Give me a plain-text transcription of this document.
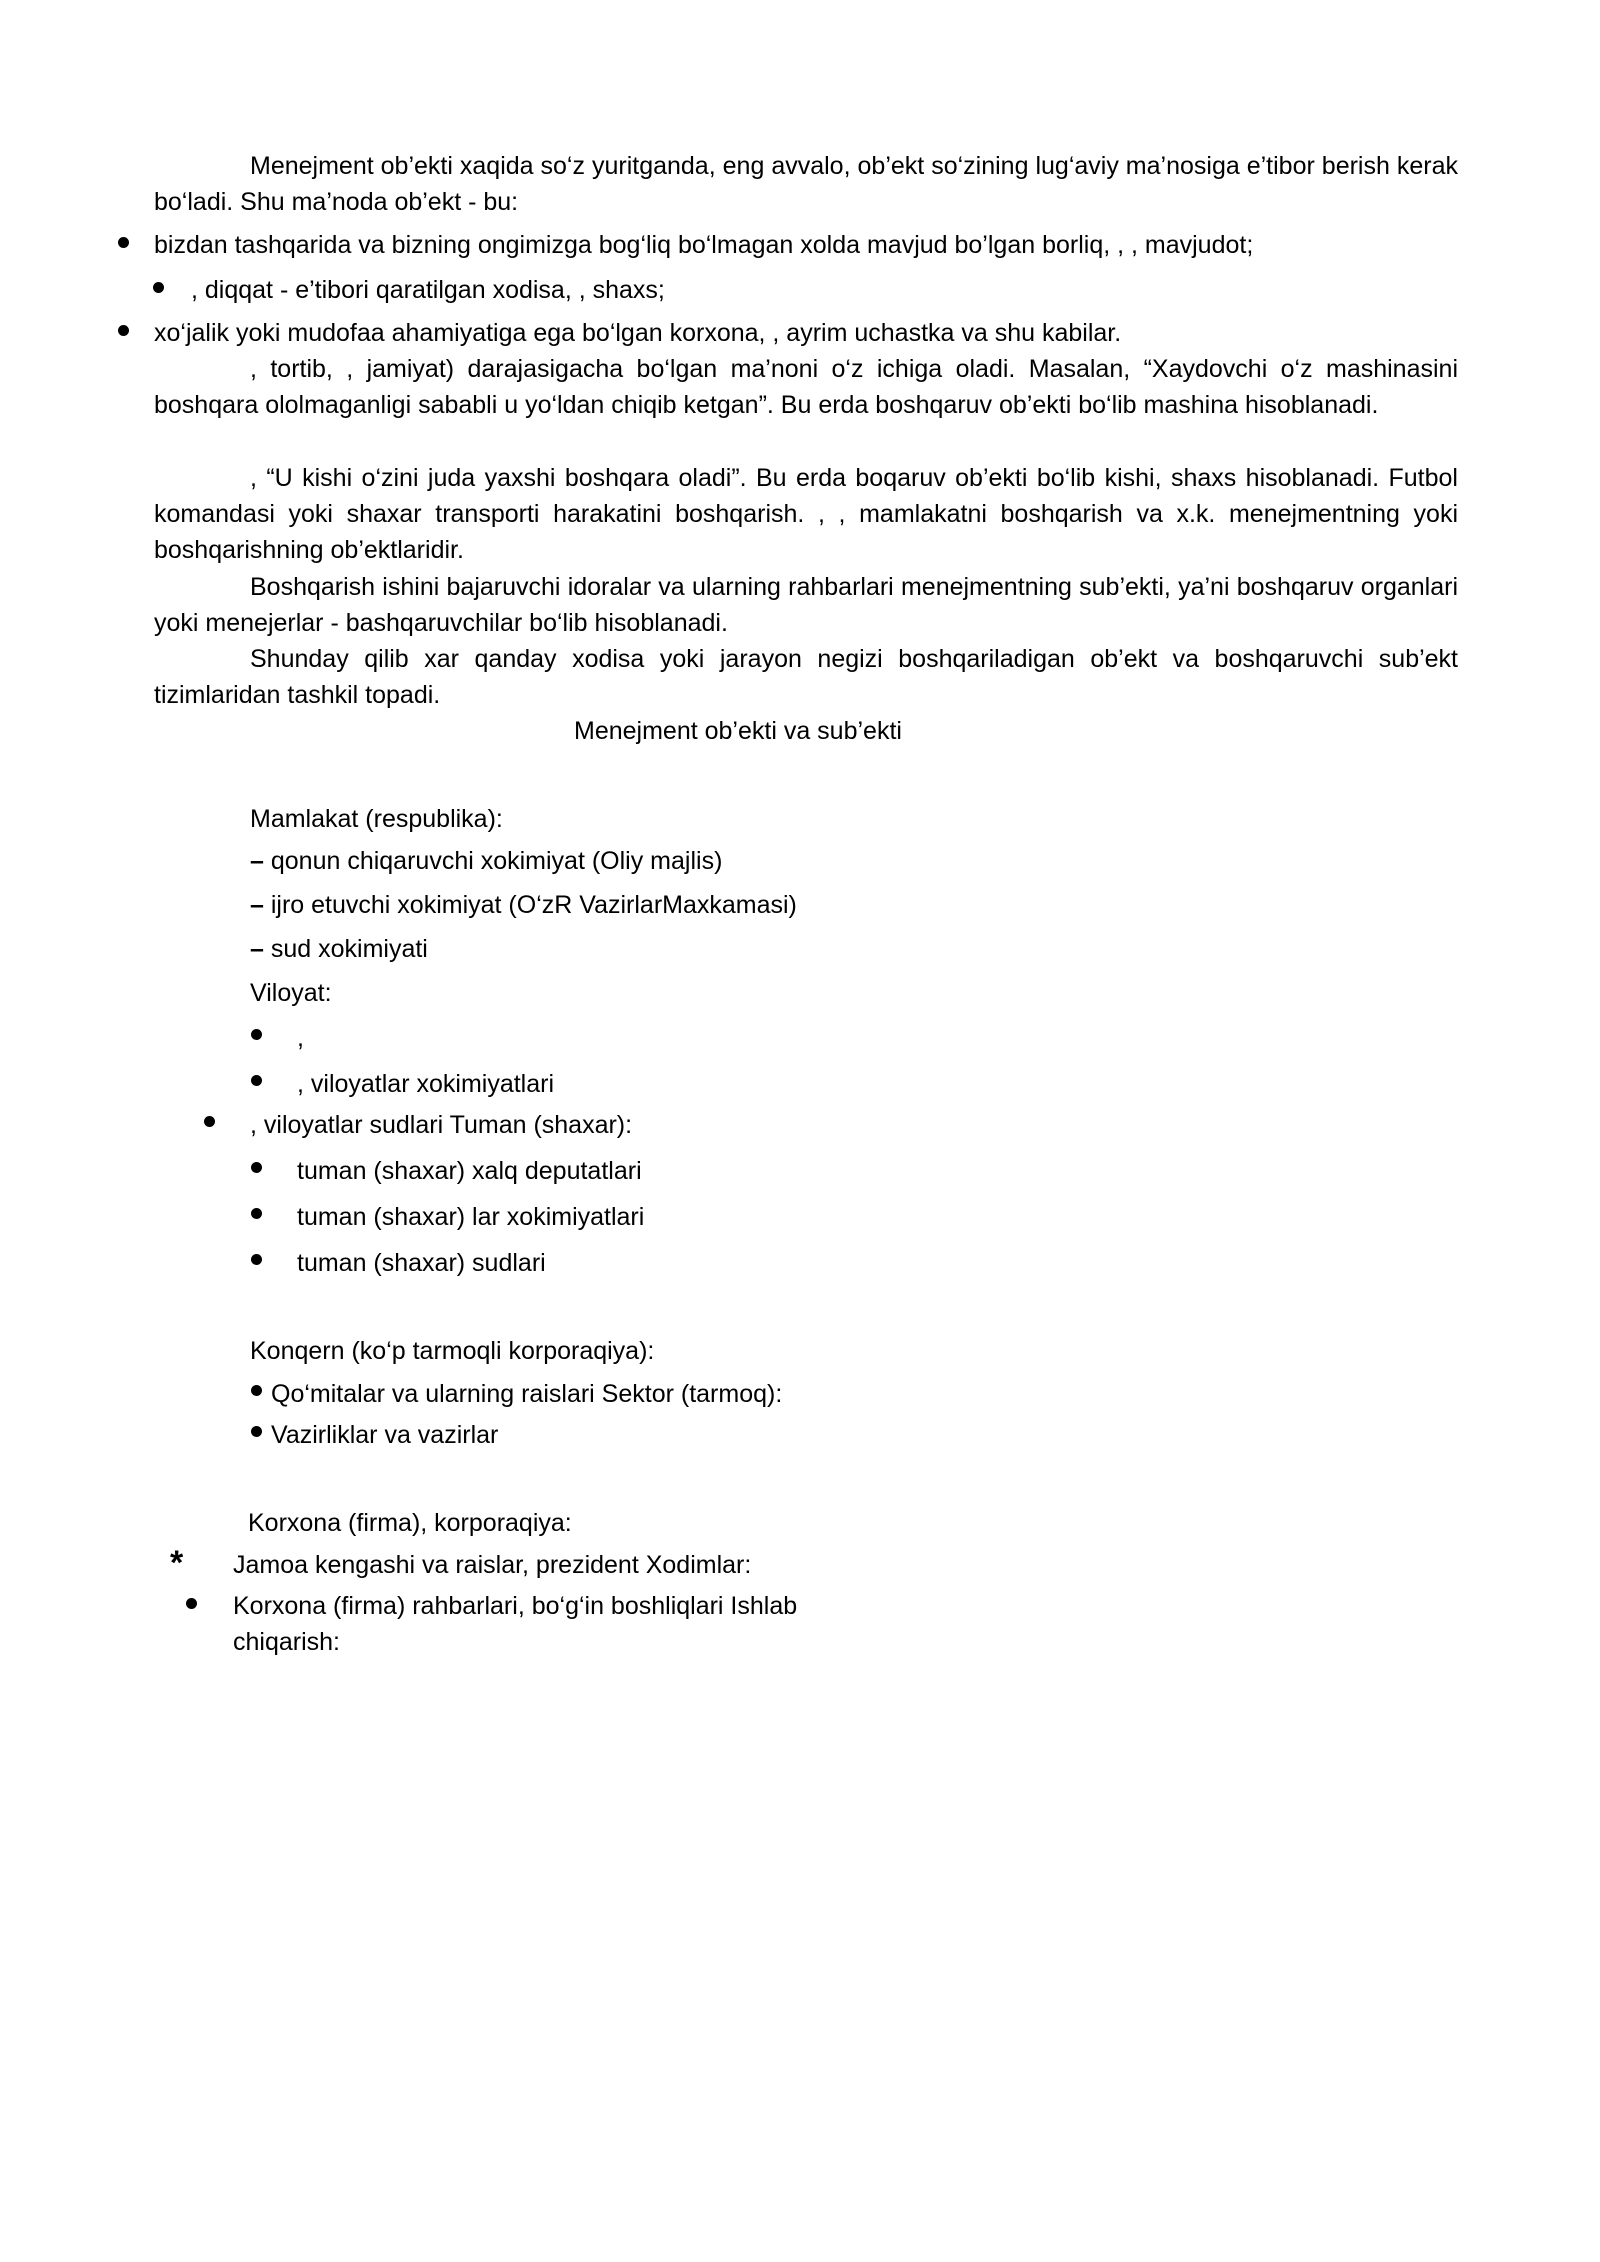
Menejment ob’ekti xaqida so‘z yuritganda, eng avvalo, ob’ekt so‘zining lug‘aviy ma’nosiga e’tibor berish kerak bo‘ladi. Shu ma’noda ob’ekt - bu:
bizdan tashqarida va bizning ongimizga bog‘liq bo‘lmagan xolda mavjud bo’lgan borliq, , , mavjudot;
, diqqat - e’tibori qaratilgan xodisa, , shaxs;
xo‘jalik yoki mudofaa ahamiyatiga ega bo‘lgan korxona, , ayrim uchastka va shu kabilar.
, tortib, , jamiyat) darajasigacha bo‘lgan ma’noni o‘z ichiga oladi. Masalan, “Xaydovchi o‘z mashinasini boshqara ololmaganligi sababli u yo‘ldan chiqib ketgan”. Bu erda boshqaruv ob’ekti bo‘lib mashina hisoblanadi.
, “U kishi o‘zini juda yaxshi boshqara oladi”. Bu erda boqaruv ob’ekti bo‘lib kishi, shaxs hisoblanadi. Futbol komandasi yoki shaxar transporti harakatini boshqarish. , , mamlakatni boshqarish va x.k. menejmentning yoki boshqarishning ob’ektlaridir.
Boshqarish ishini bajaruvchi idoralar va ularning rahbarlari menejmentning sub’ekti, ya’ni boshqaruv organlari yoki menejerlar - bashqaruvchilar bo‘lib hisoblanadi.
Shunday qilib xar qanday xodisa yoki jarayon negizi boshqariladigan ob’ekt va boshqaruvchi sub’ekt tizimlaridan tashkil topadi.
Menejment ob’ekti va sub’ekti
Mamlakat (respublika):
– qonun chiqaruvchi xokimiyat (Oliy majlis)
– ijro etuvchi xokimiyat (O‘zR VazirlarMaxkamasi)
– sud xokimiyati
Viloyat:
,
, viloyatlar xokimiyatlari
, viloyatlar sudlari Tuman (shaxar):
tuman (shaxar) xalq deputatlari
tuman (shaxar) lar xokimiyatlari
tuman (shaxar) sudlari
Konqern (ko‘p tarmoqli korporaqiya):
Qo‘mitalar va ularning raislari Sektor (tarmoq):
Vazirliklar va vazirlar
Korxona (firma), korporaqiya:
* Jamoa kengashi va raislar, prezident Xodimlar:
Korxona (firma) rahbarlari, bo‘g‘in boshliqlari Ishlab
chiqarish:
